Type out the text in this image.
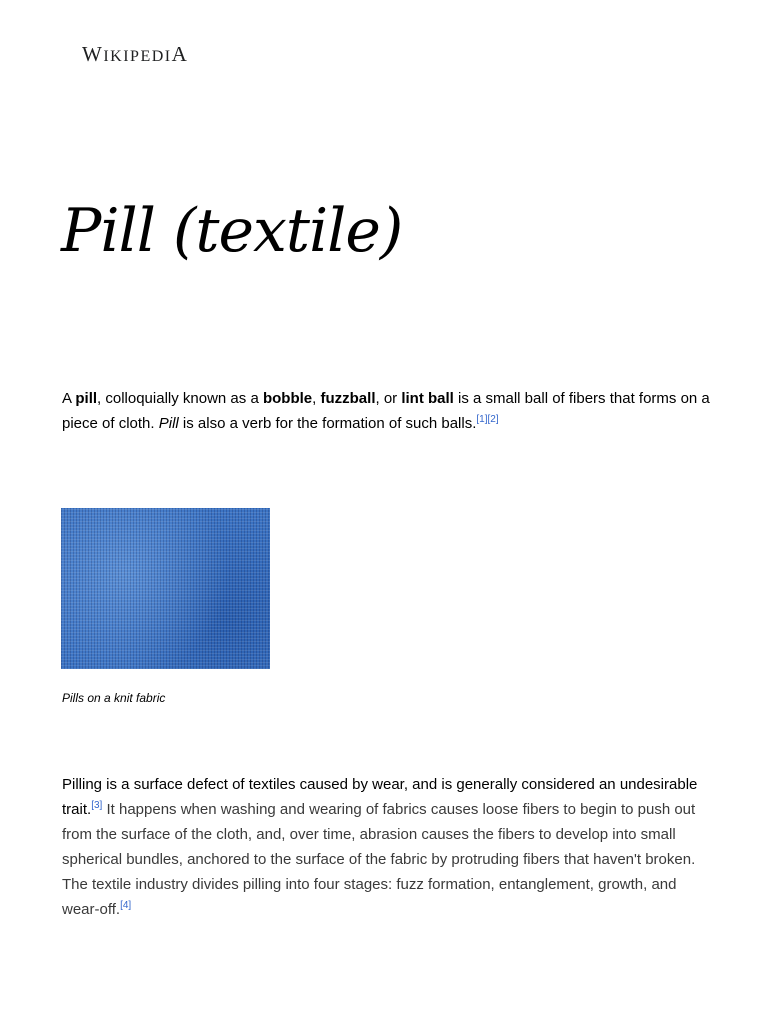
WIKIPEDIA
Pill (textile)

A pill, colloquially known as a bobble, fuzzball, or lint ball is a small ball of fibers that forms on a piece of cloth. Pill is also a verb for the formation of such balls.[1][2]

Pills on a knit fabric

Pilling is a surface defect of textiles caused by wear, and is generally considered an undesirable trait.[3] It happens when washing and wearing of fabrics causes loose fibers to begin to push out from the surface of the cloth, and, over time, abrasion causes the fibers to develop into small spherical bundles, anchored to the surface of the fabric by protruding fibers that haven't broken. The textile industry divides pilling into four stages: fuzz formation, entanglement, growth, and wear-off.[4]
